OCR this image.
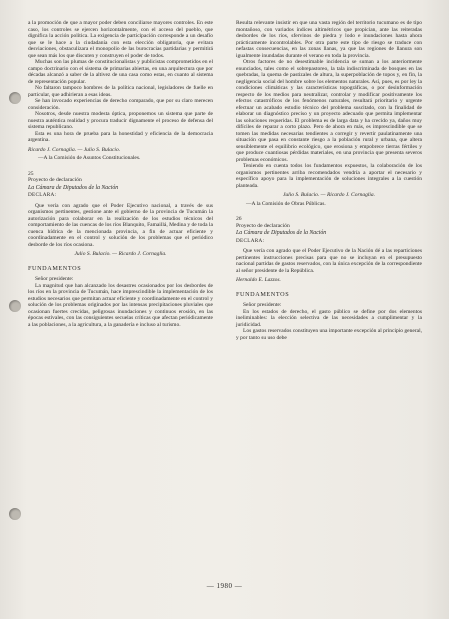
a la promoción de que a mayor poder deben conciliarse mayores controles. En este caso, los controles se ejercen horizontalmente, con el acceso del pueblo, que dignifica la acción política. La exigencia de participación corresponde a un desafío que se le hace a la ciudadanía con esta elección obligatoria, que evitara desviaciones, obstaculizara el monopolio de las burocracias partidarias y permitirá que sean más los que discuten y construyen el poder de todos.

Muchas son las plumas de constitucionalistas y publicistas comprometidos en el campo doctrinario con el sistema de primarias abiertas, en una arquitectura que por décadas alcanzó a saber de la altivez de una casa como estas, en cuanto al sistema de representación popular.

No faltaron tampoco hombres de la política nacional, legisladores de fuelle en particular, que adhirieran a esas ideas.

Se han invocado experiencias de derecho comparado, que por su claro merecen consideración.

Nosotros, desde nuestra modesta óptica, proponemos un sistema que parte de nuestra auténtica realidad y procura traducir dignamente el proceso de defensa del sistema republicano.

Esta es una hora de prueba para la honestidad y eficiencia de la democracia argentina.

Ricardo J. Cornaglia. — Julio S. Bulacio.

—A la Comisión de Asuntos Constitucionales.

25

Proyecto de declaración

La Cámara de Diputados de la Nación

DECLARA:

Que vería con agrado que el Poder Ejecutivo nacional, a través de sus organismos pertinentes, gestione ante el gobierno de la provincia de Tucumán la autorización para colaborar en la realización de los estudios técnicos del comportamiento de las cuencas de los ríos Blanquito, Famaillá, Medina y de toda la cuenca hídrica de la mencionada provincia, a fin de actuar eficiente y coordinadamente en el control y solución de los problemas que el periódico desborde de los ríos ocasiona.

Julio S. Bulacio. — Ricardo J. Cornaglia.

FUNDAMENTOS

Señor presidente:

La magnitud que han alcanzado los desastres ocasionados por los desbordes de los ríos en la provincia de Tucumán, hace imprescindible la implementación de los estudios necesarios que permitan actuar eficiente y coordinadamente en el control y solución de los problemas originados por las intensas precipitaciones pluviales que ocasionan fuertes crecidas, peligrosas inundaciones y continuos erosión, en las épocas estivales, con las consiguientes secuelas críticas que afectan periódicamente a las poblaciones, a la agricultura, a la ganadería e incluso al turismo.

Resulta relevante insistir en que una vasta región del territorio tucumano es de tipo montañoso, con variados índices altimétricos que propician, ante las reiteradas desbordes de los ríos, sfervinos de piedra y lodo e inundaciones hasta ahora prácticamente incontrolables. Por otra parte este tipo de riesgo se traduce con nefastas consecuencias, en las zonas llanas, ya que las regiones de llanura son igualmente inundadas durante el verano en toda la provincia.

Otros factores de no desestimable incidencia se suman a los anteriormente enunciados, tales como el sobrepastoreo, la tala indiscriminada de bosques en las quebradas, la quema de pastizales de altura, la superpoblación de topos y, en fin, la negligencia social del hombre sobre los elementos naturales. Así, pues, es por ley la condiciones climáticas y las características topográficas, o por desinformación respecto de los medios para neutralizar, controlar y modificar positivamente los efectos catastróficos de los fenómenos naturales, resultará prioritario y urgente efectuar un acabado estudio técnico del problema suscitado, con la finalidad de elaborar un diagnóstico preciso y un proyecto adecuado que permita implementar las soluciones requeridas. El problema es de larga data y ha crecido ya, daños muy difíciles de reparar a corto plazo. Pero de ahora en más, es imprescindible que se tomen las medidas necesarias tendientes a corregir y revertir paulatinamente una situación que pasa en constante riesgo a la población rural y urbana, que altera sensiblemente el equilibrio ecológico, que erosiona y empobrece tierras fértiles y que produce cuantiosas pérdidas materiales, en una provincia que presenta severos problemas económicos.

Teniendo en cuenta todos los fundamentos expuestos, la colaboración de los organismos pertinentes arriba recomendados vendría a aportar el necesario y específico apoyo para la implementación de soluciones integrales a la cuestión planteada.

Julio S. Bulacio. — Ricardo J. Cornaglia.

—A la Comisión de Obras Públicas.

26

Proyecto de declaración

La Cámara de Diputados de la Nación

DECLARA:

Que vería con agrado que el Poder Ejecutivo de la Nación dé a las reparticiones pertinentes instrucciones precisas para que no se incluyan en el presupuesto nacional partidas de gastos reservados, con la única excepción de la correspondiente al señor presidente de la República.

Hernaldo E. Lazzos.

FUNDAMENTOS

Señor presidente:

En los estados de derecho, el gasto público se define por dos elementos ineliminables: la elección selectiva de las necesidades a cumplimentar y la juridicidad.

Los gastos reservados constituyen una importante excepción al principio general, y por tanto su uso debe

— 1980 —
